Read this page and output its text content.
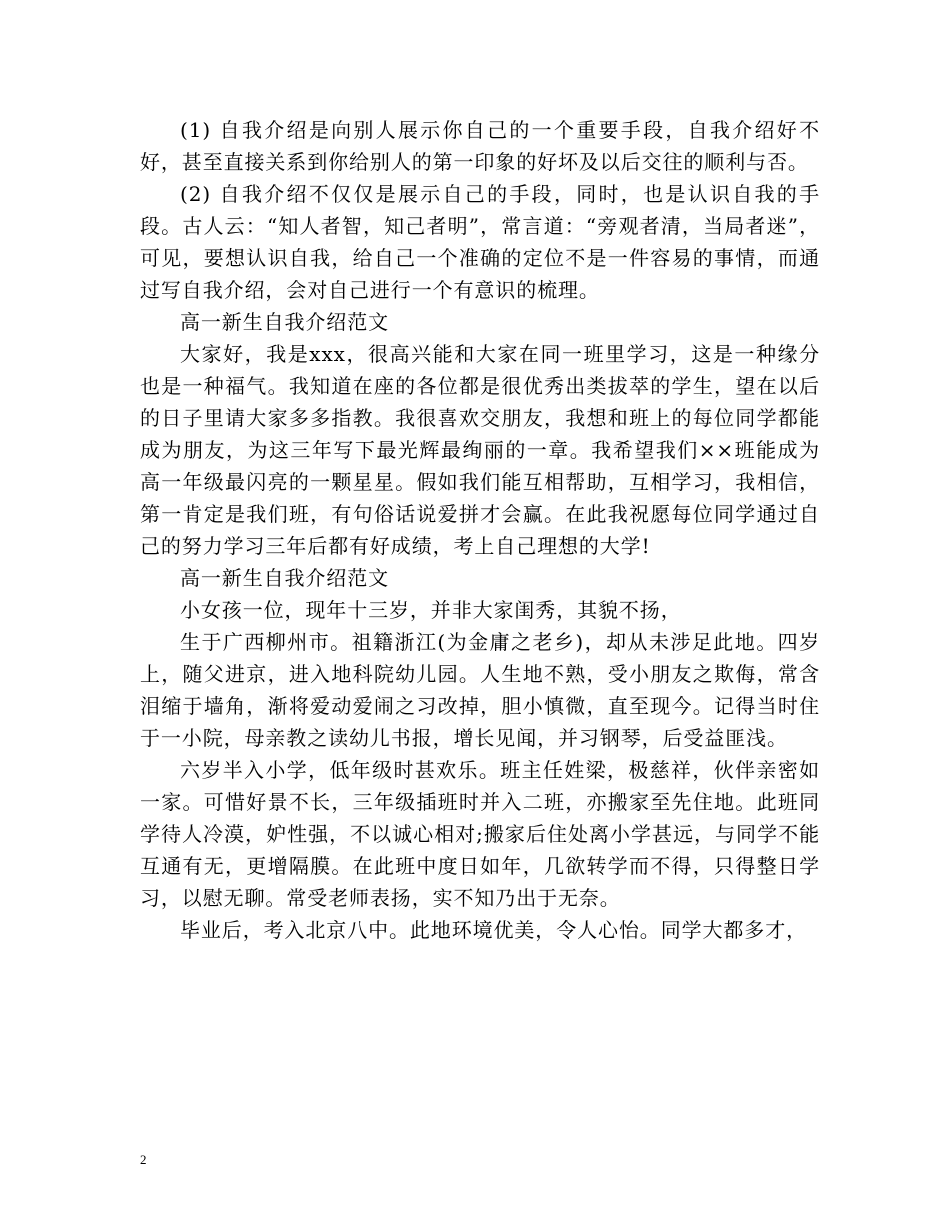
(1) 自我介绍是向别人展示你自己的一个重要手段，自我介绍好不好，甚至直接关系到你给别人的第一印象的好坏及以后交往的顺利与否。

(2) 自我介绍不仅仅是展示自己的手段，同时，也是认识自我的手段。古人云：“知人者智，知己者明”，常言道：“旁观者清，当局者迷”，可见，要想认识自我，给自己一个准确的定位不是一件容易的事情，而通过写自我介绍，会对自己进行一个有意识的梳理。

高一新生自我介绍范文

大家好，我是xxx，很高兴能和大家在同一班里学习，这是一种缘分也是一种福气。我知道在座的各位都是很优秀出类拔萃的学生，望在以后的日子里请大家多多指教。我很喜欢交朋友，我想和班上的每位同学都能成为朋友，为这三年写下最光辉最绚丽的一章。我希望我们××班能成为高一年级最闪亮的一颗星星。假如我们能互相帮助，互相学习，我相信，第一肯定是我们班，有句俗话说爱拼才会赢。在此我祝愿每位同学通过自己的努力学习三年后都有好成绩，考上自己理想的大学!

高一新生自我介绍范文

小女孩一位，现年十三岁，并非大家闺秀，其貌不扬，

生于广西柳州市。祖籍浙江(为金庸之老乡)，却从未涉足此地。四岁上，随父进京，进入地科院幼儿园。人生地不熟，受小朋友之欺侮，常含泪缩于墙角，渐将爱动爱闹之习改掉，胆小慎微，直至现今。记得当时住于一小院，母亲教之读幼儿书报，增长见闻，并习钢琴，后受益匪浅。

六岁半入小学，低年级时甚欢乐。班主任姓梁，极慈祥，伙伴亲密如一家。可惜好景不长，三年级插班时并入二班，亦搬家至先住地。此班同学待人冷漠，妒性强，不以诚心相对;搬家后住处离小学甚远，与同学不能互通有无，更增隔膜。在此班中度日如年，几欲转学而不得，只得整日学习，以慰无聊。常受老师表扬，实不知乃出于无奈。

毕业后，考入北京八中。此地环境优美，令人心怡。同学大都多才，

2
